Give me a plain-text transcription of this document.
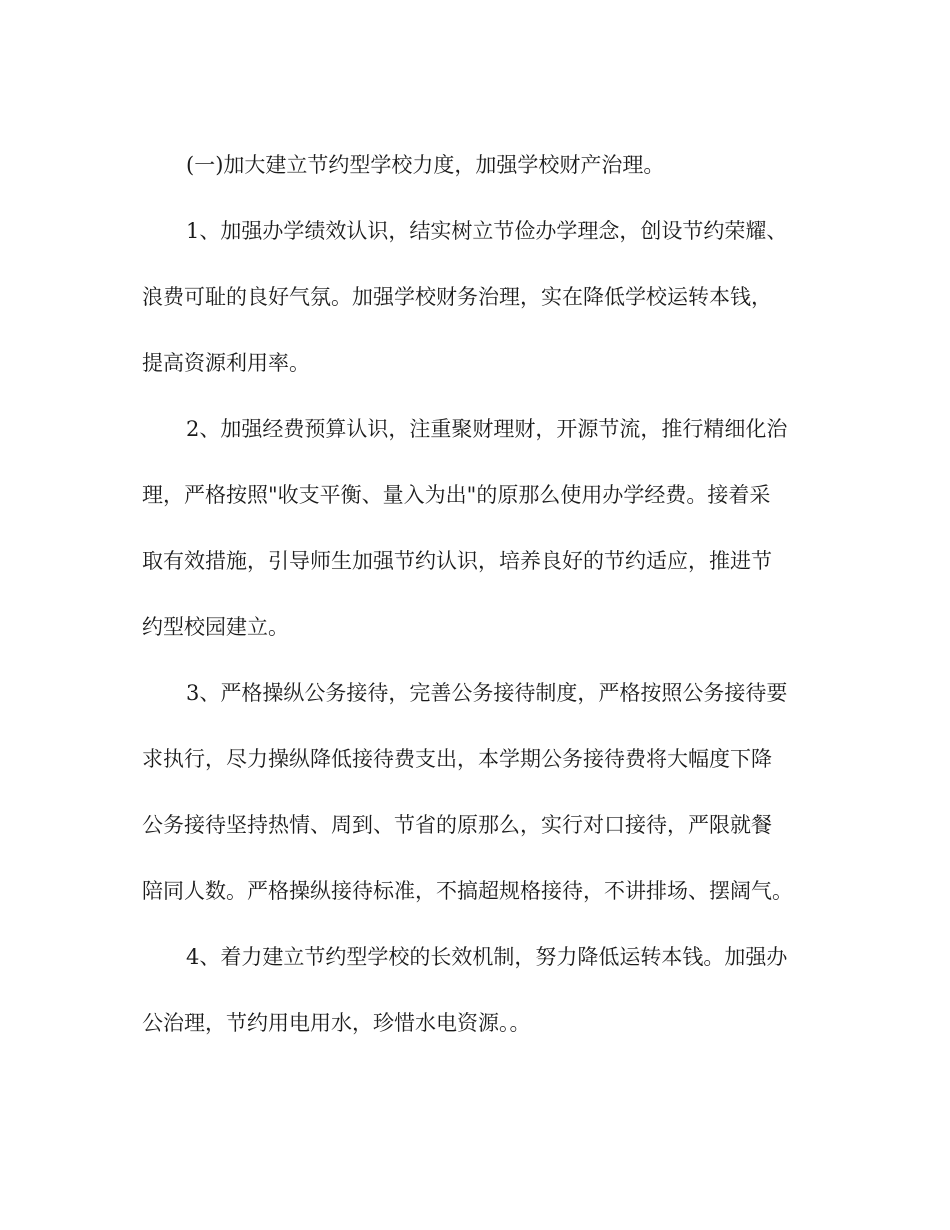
(一)加大建立节约型学校力度，加强学校财产治理。
1、加强办学绩效认识，结实树立节俭办学理念，创设节约荣耀、
浪费可耻的良好气氛。加强学校财务治理，实在降低学校运转本钱，
提高资源利用率。
2、加强经费预算认识，注重聚财理财，开源节流，推行精细化治
理，严格按照"收支平衡、量入为出"的原那么使用办学经费。接着采
取有效措施，引导师生加强节约认识，培养良好的节约适应，推进节
约型校园建立。
3、严格操纵公务接待，完善公务接待制度，严格按照公务接待要
求执行，尽力操纵降低接待费支出，本学期公务接待费将大幅度下降
公务接待坚持热情、周到、节省的原那么，实行对口接待，严限就餐
陪同人数。严格操纵接待标准，不搞超规格接待，不讲排场、摆阔气。
4、着力建立节约型学校的长效机制，努力降低运转本钱。加强办
公治理，节约用电用水，珍惜水电资源。。
